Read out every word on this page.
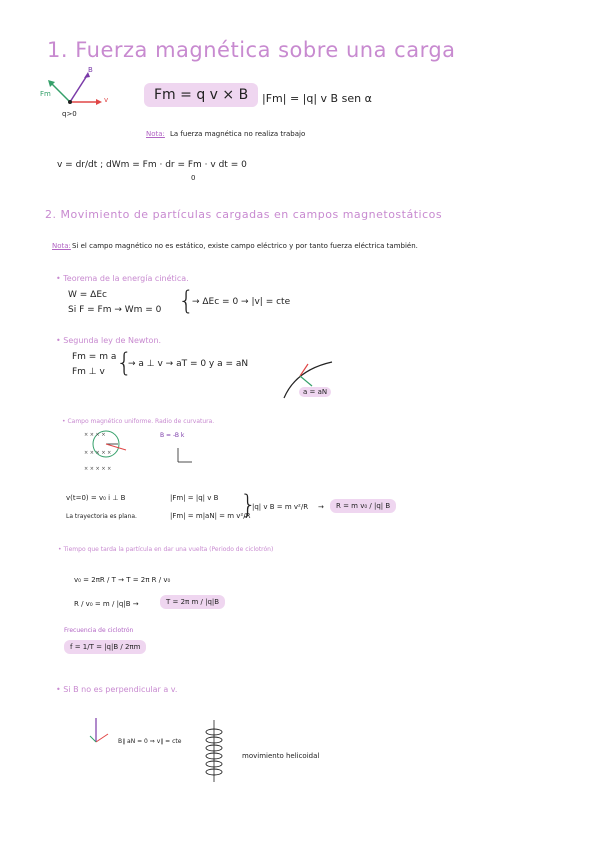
1. Fuerza magnética sobre una carga
B
v
Fm
q>0
Fm = q v × B	|Fm| = |q| v B sen α
Nota: La fuerza magnética no realiza trabajo
v = dr/dt ; dWm = Fm · dr = Fm · v dt = 0
0
2. Movimiento de partículas cargadas en campos magnetostáticos
Nota: Si el campo magnético no es estático, existe campo eléctrico y por tanto fuerza eléctrica también.
• Teorema de la energía cinética.
W = ΔEc
Si F = Fm → Wm = 0 {
→ ΔEc = 0 → |v| = cte
• Segunda ley de Newton.
Fm = m a
Fm ⊥ v {
→ a ⊥ v → aT = 0 y a = aN
a = aN
• Campo magnético uniforme. Radio de curvatura.
× × × ×
× × × × ×
× × × × ×
B = -B k
v(t=0) = v₀ i ⊥ B
La trayectoria es plana.
|Fm| = |q| v B
|Fm| = m|aN| = m v²/R
}
|q| v B = m v²/R →	R = m v₀ / |q| B
• Tiempo que tarda la partícula en dar una vuelta (Periodo de ciclotrón)
v₀ = 2πR / T → T = 2π R / v₀
R / v₀ = m / |q|B →	T = 2π m / |q|B
Frecuencia de ciclotrón
f = 1/T = |q|B / 2πm
• Si B no es perpendicular a v.
B∥ aN = 0 ⇒ v∥ = cte
movimiento helicoidal
